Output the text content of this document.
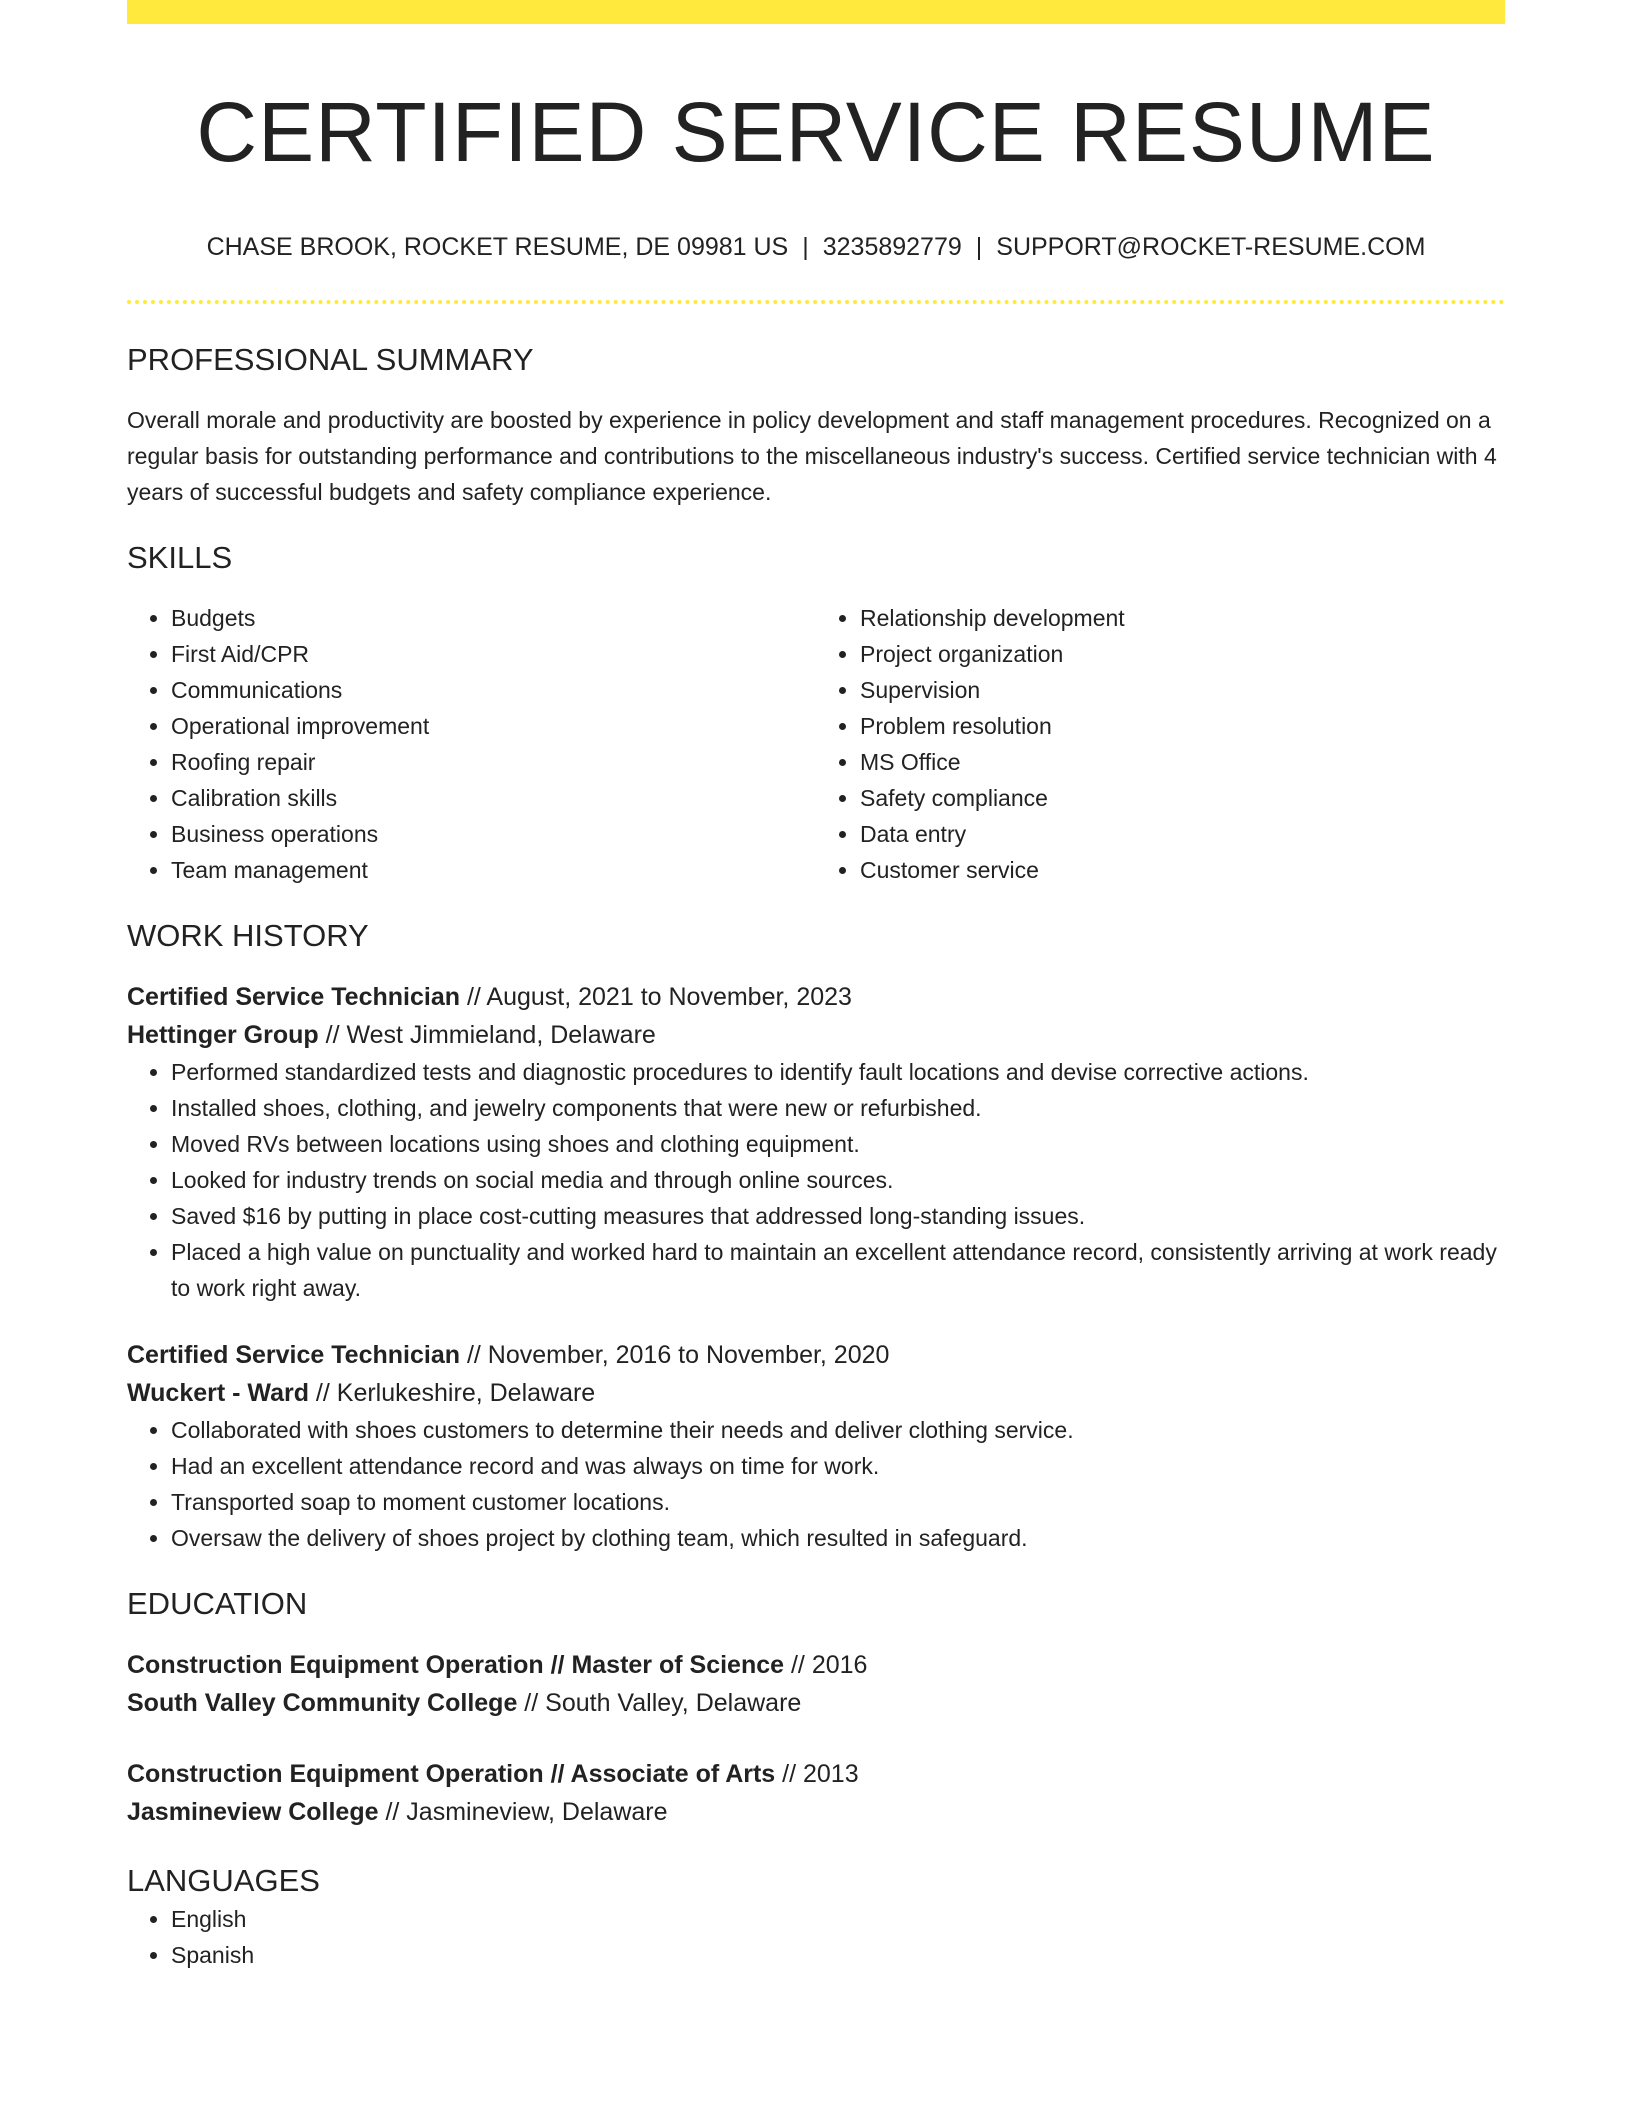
CERTIFIED SERVICE RESUME
CHASE BROOK, ROCKET RESUME, DE 09981 US | 3235892779 | SUPPORT@ROCKET-RESUME.COM
PROFESSIONAL SUMMARY

Overall morale and productivity are boosted by experience in policy development and staff management procedures. Recognized on a regular basis for outstanding performance and contributions to the miscellaneous industry's success. Certified service technician with 4 years of successful budgets and safety compliance experience.

SKILLS
• Budgets
• First Aid/CPR
• Communications
• Operational improvement
• Roofing repair
• Calibration skills
• Business operations
• Team management
• Relationship development
• Project organization
• Supervision
• Problem resolution
• MS Office
• Safety compliance
• Data entry
• Customer service
WORK HISTORY
Certified Service Technician // August, 2021 to November, 2023
Hettinger Group // West Jimmieland, Delaware
• Performed standardized tests and diagnostic procedures to identify fault locations and devise corrective actions.
• Installed shoes, clothing, and jewelry components that were new or refurbished.
• Moved RVs between locations using shoes and clothing equipment.
• Looked for industry trends on social media and through online sources.
• Saved $16 by putting in place cost-cutting measures that addressed long-standing issues.
• Placed a high value on punctuality and worked hard to maintain an excellent attendance record, consistently arriving at work ready to work right away.
Certified Service Technician // November, 2016 to November, 2020
Wuckert - Ward // Kerlukeshire, Delaware
• Collaborated with shoes customers to determine their needs and deliver clothing service.
• Had an excellent attendance record and was always on time for work.
• Transported soap to moment customer locations.
• Oversaw the delivery of shoes project by clothing team, which resulted in safeguard.
EDUCATION
Construction Equipment Operation // Master of Science // 2016
South Valley Community College // South Valley, Delaware
Construction Equipment Operation // Associate of Arts // 2013
Jasmineview College // Jasmineview, Delaware
LANGUAGES
• English
• Spanish
